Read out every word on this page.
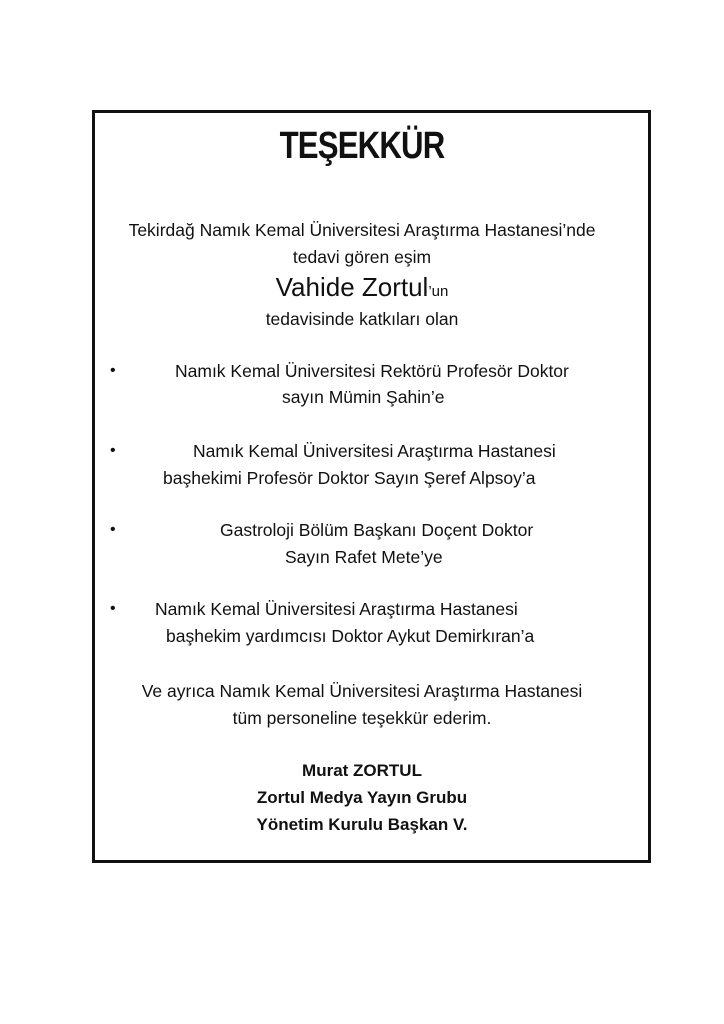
TEŞEKKÜR
Tekirdağ Namık Kemal Üniversitesi Araştırma Hastanesi’nde
tedavi gören eşim
Vahide Zortul’un
tedavisinde katkıları olan
•	Namık Kemal Üniversitesi Rektörü Profesör Doktor
sayın Mümin Şahin’e
•	Namık Kemal Üniversitesi Araştırma Hastanesi
başhekimi Profesör Doktor Sayın Şeref Alpsoy’a
•	Gastroloji Bölüm Başkanı Doçent Doktor
Sayın Rafet Mete’ye
• Namık Kemal Üniversitesi Araştırma Hastanesi
başhekim yardımcısı Doktor Aykut Demirkıran’a
Ve ayrıca Namık Kemal Üniversitesi Araştırma Hastanesi
tüm personeline teşekkür ederim.
Murat ZORTUL
Zortul Medya Yayın Grubu
Yönetim Kurulu Başkan V.
